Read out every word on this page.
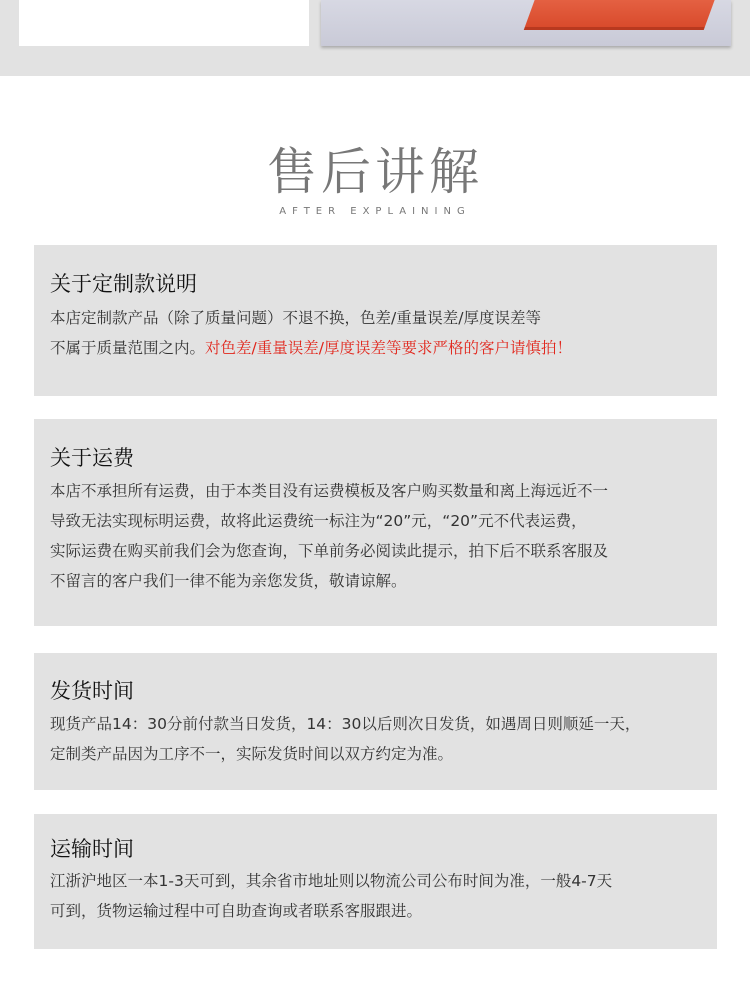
售后讲解
AFTER EXPLAINING
关于定制款说明
本店定制款产品（除了质量问题）不退不换，色差/重量误差/厚度误差等
不属于质量范围之内。对色差/重量误差/厚度误差等要求严格的客户请慎拍！
关于运费
本店不承担所有运费，由于本类目没有运费模板及客户购买数量和离上海远近不一
导致无法实现标明运费，故将此运费统一标注为“20”元，“20”元不代表运费，
实际运费在购买前我们会为您查询，下单前务必阅读此提示，拍下后不联系客服及
不留言的客户我们一律不能为亲您发货，敬请谅解。
发货时间
现货产品14：30分前付款当日发货，14：30以后则次日发货，如遇周日则顺延一天，
定制类产品因为工序不一，实际发货时间以双方约定为准。
运输时间
江浙沪地区一本1-3天可到，其余省市地址则以物流公司公布时间为准，一般4-7天
可到，货物运输过程中可自助查询或者联系客服跟进。
